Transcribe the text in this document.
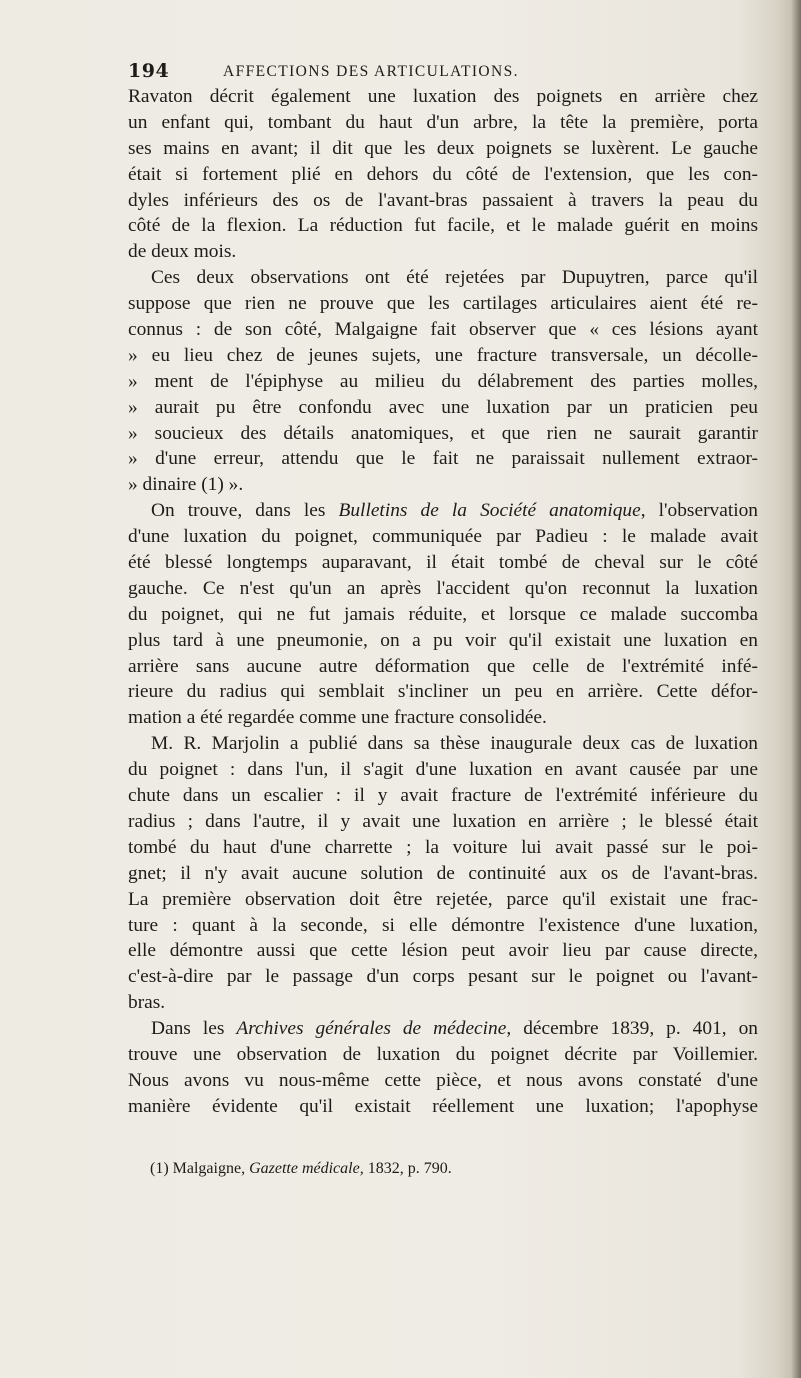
194	AFFECTIONS DES ARTICULATIONS.
Ravaton décrit également une luxation des poignets en arrière chez
un enfant qui, tombant du haut d'un arbre, la tête la première, porta
ses mains en avant; il dit que les deux poignets se luxèrent. Le gauche
était si fortement plié en dehors du côté de l'extension, que les con-
dyles inférieurs des os de l'avant-bras passaient à travers la peau du
côté de la flexion. La réduction fut facile, et le malade guérit en moins
de deux mois.
Ces deux observations ont été rejetées par Dupuytren, parce qu'il
suppose que rien ne prouve que les cartilages articulaires aient été re-
connus : de son côté, Malgaigne fait observer que « ces lésions ayant
» eu lieu chez de jeunes sujets, une fracture transversale, un décolle-
» ment de l'épiphyse au milieu du délabrement des parties molles,
» aurait pu être confondu avec une luxation par un praticien peu
» soucieux des détails anatomiques, et que rien ne saurait garantir
» d'une erreur, attendu que le fait ne paraissait nullement extraor-
» dinaire (1) ».
On trouve, dans les Bulletins de la Société anatomique, l'observation
d'une luxation du poignet, communiquée par Padieu : le malade avait
été blessé longtemps auparavant, il était tombé de cheval sur le côté
gauche. Ce n'est qu'un an après l'accident qu'on reconnut la luxation
du poignet, qui ne fut jamais réduite, et lorsque ce malade succomba
plus tard à une pneumonie, on a pu voir qu'il existait une luxation en
arrière sans aucune autre déformation que celle de l'extrémité infé-
rieure du radius qui semblait s'incliner un peu en arrière. Cette défor-
mation a été regardée comme une fracture consolidée.
M. R. Marjolin a publié dans sa thèse inaugurale deux cas de luxation
du poignet : dans l'un, il s'agit d'une luxation en avant causée par une
chute dans un escalier : il y avait fracture de l'extrémité inférieure du
radius ; dans l'autre, il y avait une luxation en arrière ; le blessé était
tombé du haut d'une charrette ; la voiture lui avait passé sur le poi-
gnet; il n'y avait aucune solution de continuité aux os de l'avant-bras.
La première observation doit être rejetée, parce qu'il existait une frac-
ture : quant à la seconde, si elle démontre l'existence d'une luxation,
elle démontre aussi que cette lésion peut avoir lieu par cause directe,
c'est-à-dire par le passage d'un corps pesant sur le poignet ou l'avant-
bras.
Dans les Archives générales de médecine, décembre 1839, p. 401, on
trouve une observation de luxation du poignet décrite par Voillemier.
Nous avons vu nous-même cette pièce, et nous avons constaté d'une
manière évidente qu'il existait réellement une luxation; l'apophyse
(1) Malgaigne, Gazette médicale, 1832, p. 790.
